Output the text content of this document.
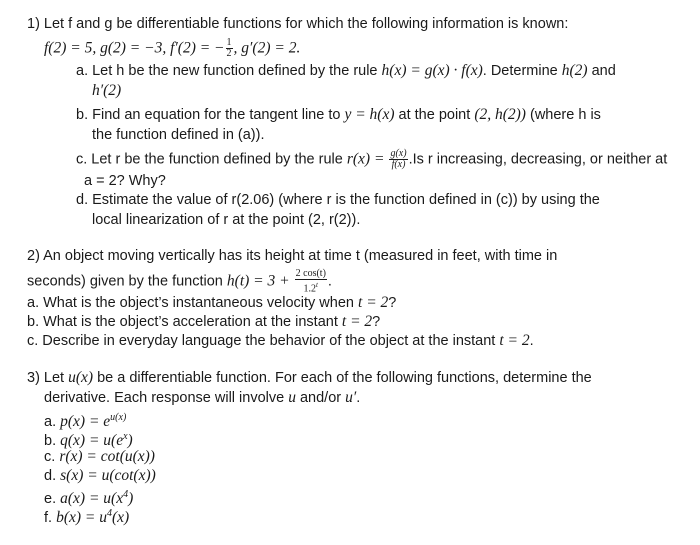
1) Let f and g be differentiable functions for which the following information is known:
f(2) = 5, g(2) = −3, f′(2) = − $\frac{1}{2}$ , g′(2) = 2.
a. Let h be the new function defined by the rule h(x) = g(x) · f(x). Determine h(2) and
h′(2)
b. Find an equation for the tangent line to y = h(x) at the point (2, h(2)) (where h is
the function defined in (a)).
c. Let r be the function defined by the rule $r(x) = \frac{g(x)}{f(x)} .Is$ r increasing, decreasing, or neither at
a = 2? Why?
d. Estimate the value of r(2.06) (where r is the function defined in (c)) by using the
local linearization of r at the point (2, r(2)).
2) An object moving vertically has its height at time t (measured in feet, with time in
seconds) given by the function $h(t) = 3 + \frac{2 \cos(t)}{1.2^t}$ .
a. What is the object’s instantaneous velocity when t = 2?
b. What is the object’s acceleration at the instant t = 2?
c. Describe in everyday language the behavior of the object at the instant t = 2.
3) Let u(x) be a differentiable function. For each of the following functions, determine the
derivative. Each response will involve u and/or u′.
a. $p(x) = e^{u(x)}$
b. $q(x) = u(e^x)$
c. r(x) = cot(u(x))
d. s(x) = u(cot(x))
e. $a(x) = u(x^4)$
f. $b(x) = u^4(x)$
